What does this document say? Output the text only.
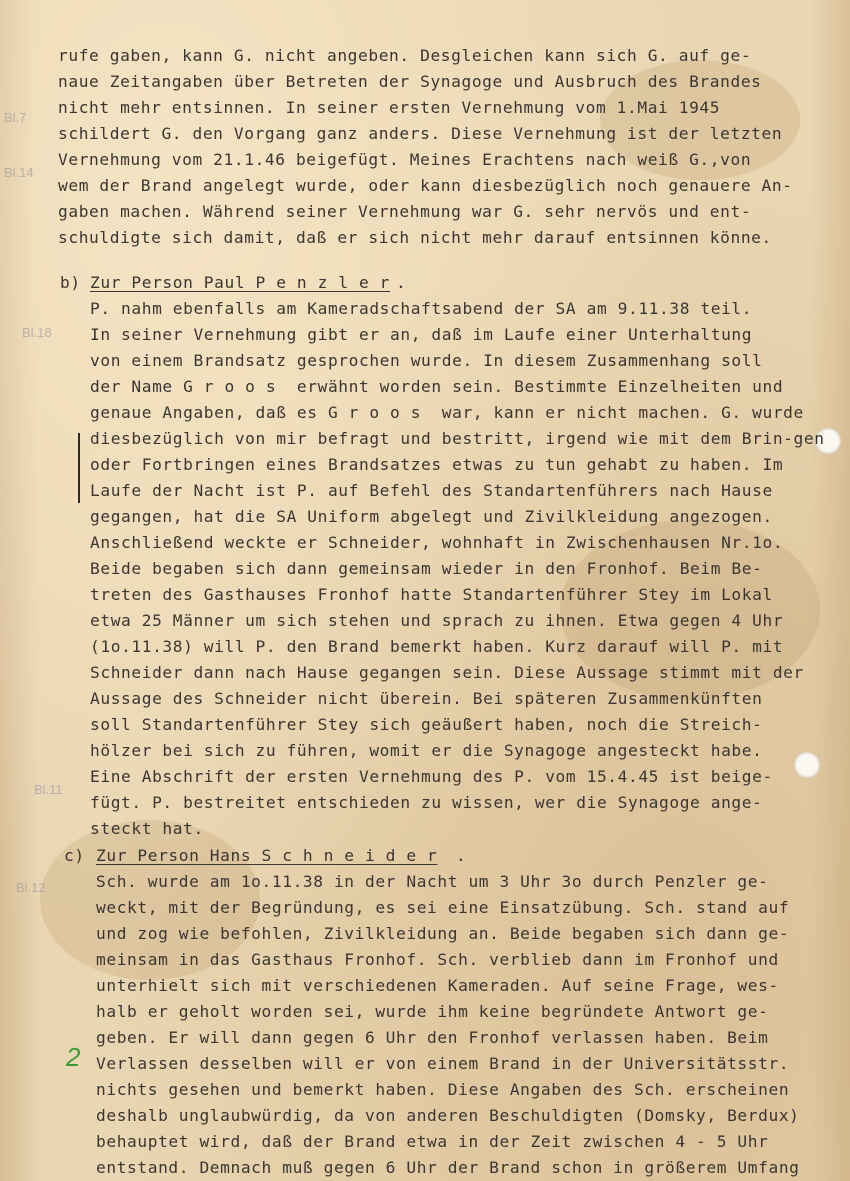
Bl.7
Bl.14
Bl.18
Bl.11
Bl.12
2
rufe gaben, kann G. nicht angeben. Desgleichen kann sich G. auf ge-
naue Zeitangaben über Betreten der Synagoge und Ausbruch des Brandes
nicht mehr entsinnen. In seiner ersten Vernehmung vom 1.Mai 1945
schildert G. den Vorgang ganz anders. Diese Vernehmung ist der letzten
Vernehmung vom 21.1.46 beigefügt. Meines Erachtens nach weiß G.,von
wem der Brand angelegt wurde, oder kann diesbezüglich noch genauere An-
gaben machen. Während seiner Vernehmung war G. sehr nervös und ent-
schuldigte sich damit, daß er sich nicht mehr darauf entsinnen könne.
b) Zur Person Paul P e n z l e r .
P. nahm ebenfalls am Kameradschaftsabend der SA am 9.11.38 teil.
In seiner Vernehmung gibt er an, daß im Laufe einer Unterhaltung
von einem Brandsatz gesprochen wurde. In diesem Zusammenhang soll
der Name G r o o s  erwähnt worden sein. Bestimmte Einzelheiten und
genaue Angaben, daß es G r o o s  war, kann er nicht machen. G. wurde
diesbezüglich von mir befragt und bestritt, irgend wie mit dem Brin-gen
oder Fortbringen eines Brandsatzes etwas zu tun gehabt zu haben. Im
Laufe der Nacht ist P. auf Befehl des Standartenführers nach Hause
gegangen, hat die SA Uniform abgelegt und Zivilkleidung angezogen.
Anschließend weckte er Schneider, wohnhaft in Zwischenhausen Nr.1o.
Beide begaben sich dann gemeinsam wieder in den Fronhof. Beim Be-
treten des Gasthauses Fronhof hatte Standartenführer Stey im Lokal
etwa 25 Männer um sich stehen und sprach zu ihnen. Etwa gegen 4 Uhr
(1o.11.38) will P. den Brand bemerkt haben. Kurz darauf will P. mit
Schneider dann nach Hause gegangen sein. Diese Aussage stimmt mit der
Aussage des Schneider nicht überein. Bei späteren Zusammenkünften
soll Standartenführer Stey sich geäußert haben, noch die Streich-
hölzer bei sich zu führen, womit er die Synagoge angesteckt habe.
Eine Abschrift der ersten Vernehmung des P. vom 15.4.45 ist beige-
fügt. P. bestreitet entschieden zu wissen, wer die Synagoge ange-
steckt hat.
c) Zur Person Hans S c h n e i d e r .
Sch. wurde am 1o.11.38 in der Nacht um 3 Uhr 3o durch Penzler ge-
weckt, mit der Begründung, es sei eine Einsatzübung. Sch. stand auf
und zog wie befohlen, Zivilkleidung an. Beide begaben sich dann ge-
meinsam in das Gasthaus Fronhof. Sch. verblieb dann im Fronhof und
unterhielt sich mit verschiedenen Kameraden. Auf seine Frage, wes-
halb er geholt worden sei, wurde ihm keine begründete Antwort ge-
geben. Er will dann gegen 6 Uhr den Fronhof verlassen haben. Beim
Verlassen desselben will er von einem Brand in der Universitätsstr.
nichts gesehen und bemerkt haben. Diese Angaben des Sch. erscheinen
deshalb unglaubwürdig, da von anderen Beschuldigten (Domsky, Berdux)
behauptet wird, daß der Brand etwa in der Zeit zwischen 4 - 5 Uhr
entstand. Demnach muß gegen 6 Uhr der Brand schon in größerem Umfang
